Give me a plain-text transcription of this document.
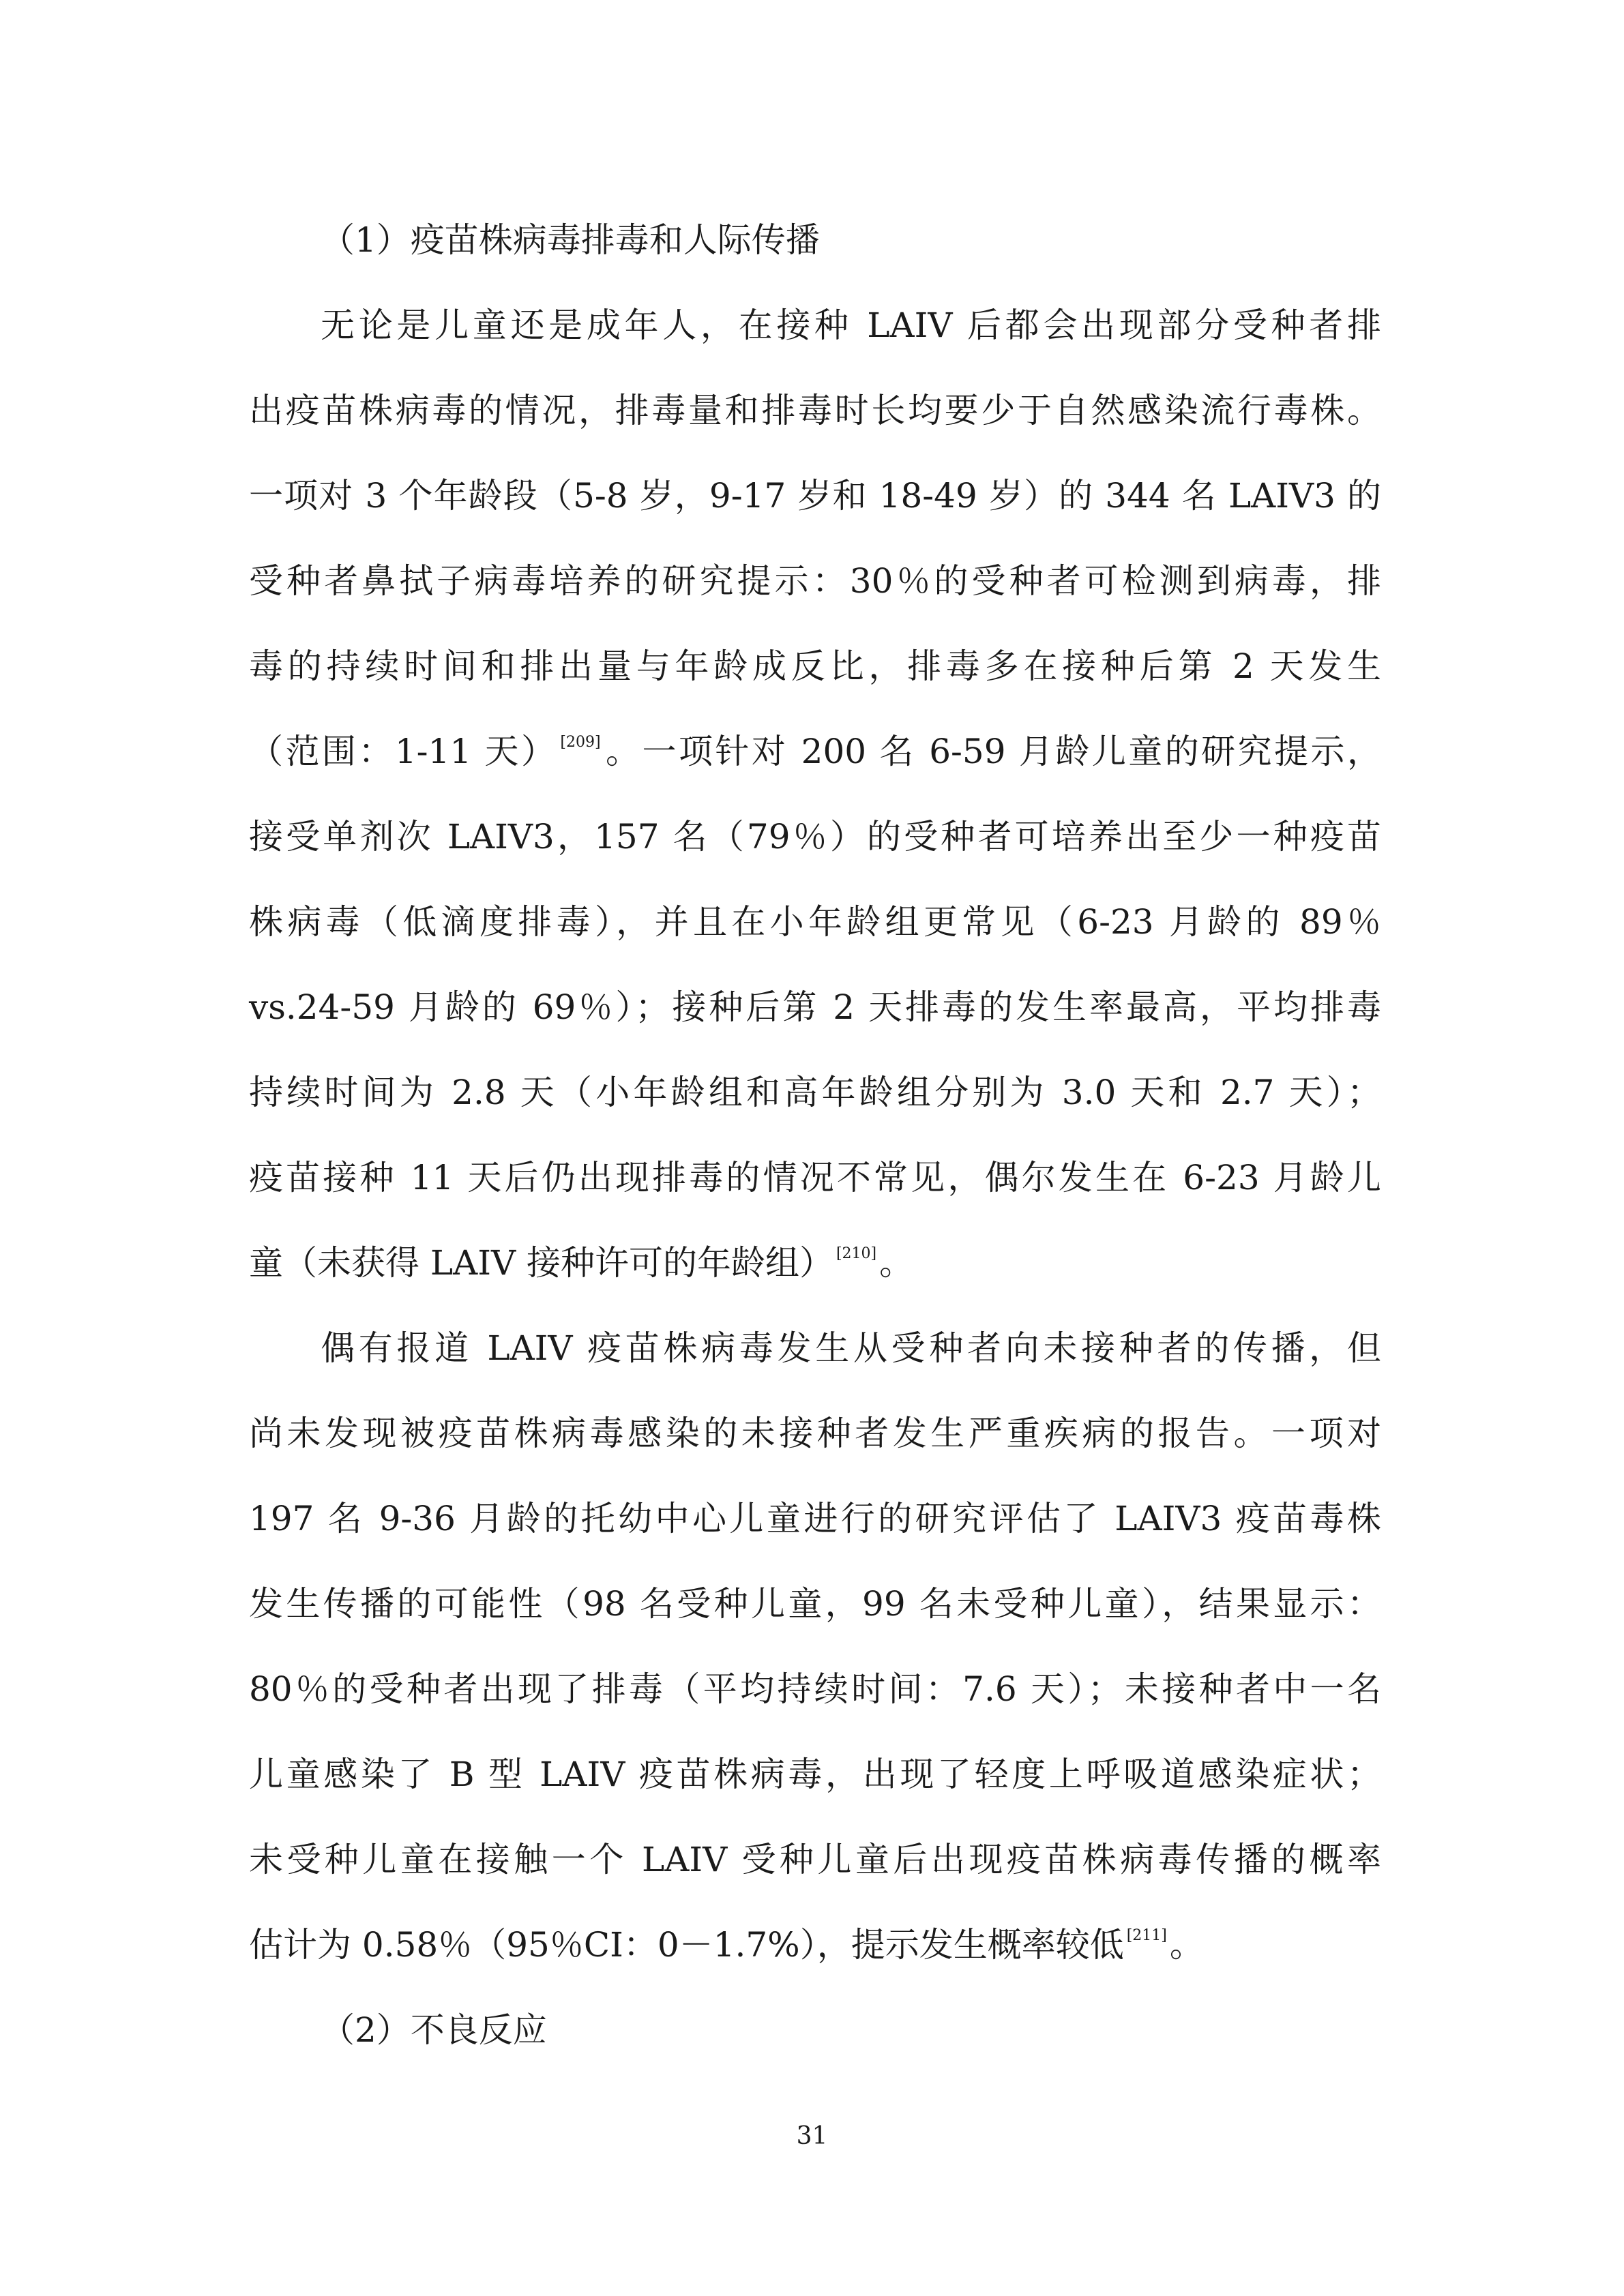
（1）疫苗株病毒排毒和人际传播
无论是儿童还是成年人，在接种 LAIV 后都会出现部分受种者排
出疫苗株病毒的情况，排毒量和排毒时长均要少于自然感染流行毒株。
一项对 3 个年龄段（5-8 岁，9-17 岁和 18-49 岁）的 344 名 LAIV3 的
受种者鼻拭子病毒培养的研究提示：30％的受种者可检测到病毒，排
毒的持续时间和排出量与年龄成反比，排毒多在接种后第 2 天发生
（范围：1-11 天） [209]。一项针对 200 名 6-59 月龄儿童的研究提示，
接受单剂次 LAIV3，157 名（79％）的受种者可培养出至少一种疫苗
株病毒（低滴度排毒），并且在小年龄组更常见（6-23 月龄的 89％
vs.24-59 月龄的 69％）；接种后第 2 天排毒的发生率最高，平均排毒
持续时间为 2.8 天（小年龄组和高年龄组分别为 3.0 天和 2.7 天）；
疫苗接种 11 天后仍出现排毒的情况不常见，偶尔发生在 6-23 月龄儿
童（未获得 LAIV 接种许可的年龄组） [210]。
偶有报道 LAIV 疫苗株病毒发生从受种者向未接种者的传播，但
尚未发现被疫苗株病毒感染的未接种者发生严重疾病的报告。一项对
197 名 9-36 月龄的托幼中心儿童进行的研究评估了 LAIV3 疫苗毒株
发生传播的可能性（98 名受种儿童，99 名未受种儿童），结果显示：
80％的受种者出现了排毒（平均持续时间：7.6 天）；未接种者中一名
儿童感染了 B 型 LAIV 疫苗株病毒，出现了轻度上呼吸道感染症状；
未受种儿童在接触一个 LAIV 受种儿童后出现疫苗株病毒传播的概率
估计为 0.58％（95％CI：0－1.7%），提示发生概率较低 [211]。
（2）不良反应
31
